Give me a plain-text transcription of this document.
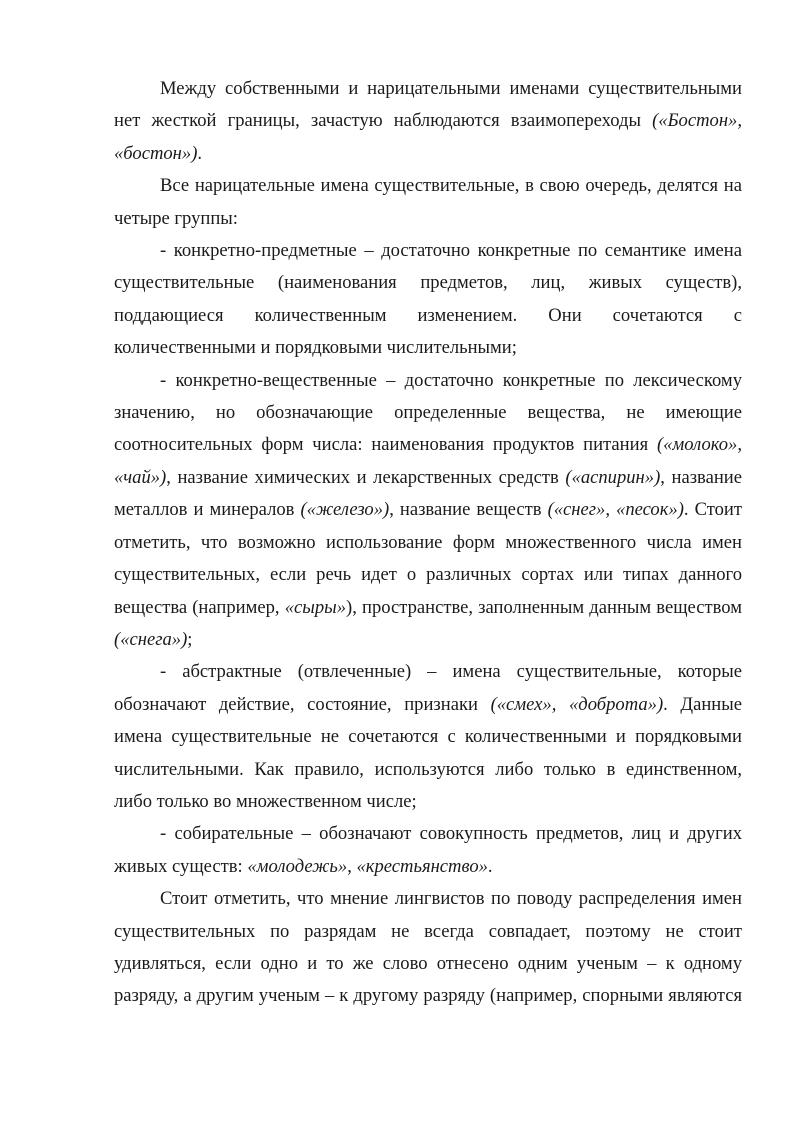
Между собственными и нарицательными именами существительными нет жесткой границы, зачастую наблюдаются взаимопереходы («Бостон», «бостон»).

Все нарицательные имена существительные, в свою очередь, делятся на четыре группы:

- конкретно-предметные – достаточно конкретные по семантике имена существительные (наименования предметов, лиц, живых существ), поддающиеся количественным изменением. Они сочетаются с количественными и порядковыми числительными;

- конкретно-вещественные – достаточно конкретные по лексическому значению, но обозначающие определенные вещества, не имеющие соотносительных форм числа: наименования продуктов питания («молоко», «чай»), название химических и лекарственных средств («аспирин»), название металлов и минералов («железо»), название веществ («снег», «песок»). Стоит отметить, что возможно использование форм множественного числа имен существительных, если речь идет о различных сортах или типах данного вещества (например, «сыры»), пространстве, заполненным данным веществом («снега»);

- абстрактные (отвлеченные) – имена существительные, которые обозначают действие, состояние, признаки («смех», «доброта»). Данные имена существительные не сочетаются с количественными и порядковыми числительными. Как правило, используются либо только в единственном, либо только во множественном числе;

- собирательные – обозначают совокупность предметов, лиц и других живых существ: «молодежь», «крестьянство».

Стоит отметить, что мнение лингвистов по поводу распределения имен существительных по разрядам не всегда совпадает, поэтому не стоит удивляться, если одно и то же слово отнесено одним ученым – к одному разряду, а другим ученым – к другому разряду (например, спорными являются
